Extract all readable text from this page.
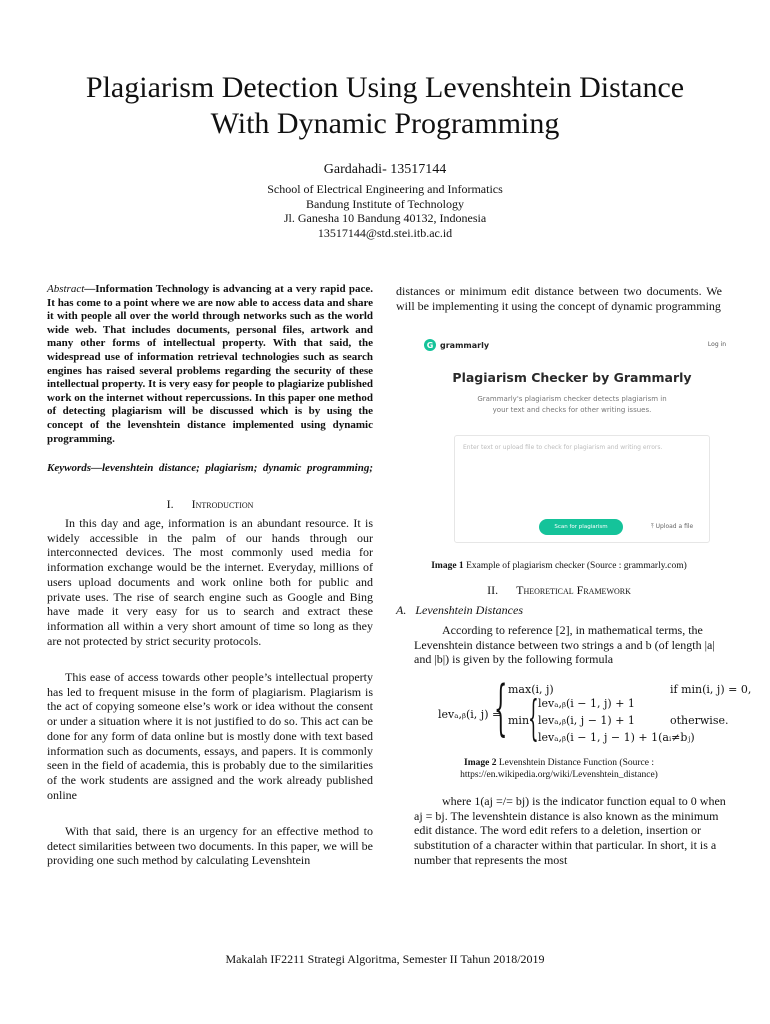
Plagiarism Detection Using Levenshtein Distance
With Dynamic Programming
Gardahadi- 13517144
School of Electrical Engineering and Informatics
Bandung Institute of Technology
Jl. Ganesha 10 Bandung 40132, Indonesia
13517144@std.stei.itb.ac.id

Abstract—Information Technology is advancing at a very rapid pace. It has come to a point where we are now able to access data and share it with people all over the world through networks such as the world wide web. That includes documents, personal files, artwork and many other forms of intellectual property. With that said, the widespread use of information retrieval technologies such as search engines has raised several problems regarding the security of these intellectual property. It is very easy for people to plagiarize published work on the internet without repercussions. In this paper one method of detecting plagiarism will be discussed which is by using the concept of the levenshtein distance implemented using dynamic programming.

Keywords—levenshtein distance; plagiarism; dynamic programming;
I. Introduction

In this day and age, information is an abundant resource. It is widely accessible in the palm of our hands through our interconnected devices. The most commonly used media for information exchange would be the internet. Everyday, millions of users upload documents and work online both for public and private uses. The rise of search engine such as Google and Bing have made it very easy for us to search and extract these information all within a very short amount of time so long as they are not protected by strict security protocols.

This ease of access towards other people’s intellectual property has led to frequent misuse in the form of plagiarism. Plagiarism is the act of copying someone else’s work or idea without the consent or under a situation where it is not justified to do so. This act can be done for any form of data online but is mostly done with text based information such as documents, essays, and papers. It is commonly seen in the field of academia, this is probably due to the similarities of the work students are assigned and the work already published online

With that said, there is an urgency for an effective method to detect similarities between two documents. In this paper, we will be providing one such method by calculating Levenshtein

distances or minimum edit distance between two documents. We will be implementing it using the concept of dynamic programming
G grammarly	Log in
Plagiarism Checker by Grammarly
Grammarly's plagiarism checker detects plagiarism in your text and checks for other writing issues.
Enter text or upload file to check for plagiarism and writing errors.
Scan for plagiarism	⤒ Upload a file
Image 1 Example of plagiarism checker (Source : grammarly.com)
II. Theoretical Framework
A. Levenshtein Distances

According to reference [2], in mathematical terms, the Levenshtein distance between two strings a and b (of length |a| and |b|) is given by the following formula

levₐ,ᵦ(i, j) =
{ max(i, j)	if min(i, j) = 0,
min
{ levₐ,ᵦ(i − 1, j) + 1
levₐ,ᵦ(i, j − 1) + 1
levₐ,ᵦ(i − 1, j − 1) + 1(aᵢ≠bⱼ)
otherwise.
Image 2 Levenshtein Distance Function (Source :
https://en.wikipedia.org/wiki/Levenshtein_distance)

where 1(aj =/= bj) is the indicator function equal to 0 when aj = bj. The levenshtein distance is also known as the minimum edit distance. The word edit refers to a deletion, insertion or substitution of a character within that particular. In short, it is a number that represents the most

Makalah IF2211 Strategi Algoritma, Semester II Tahun 2018/2019
